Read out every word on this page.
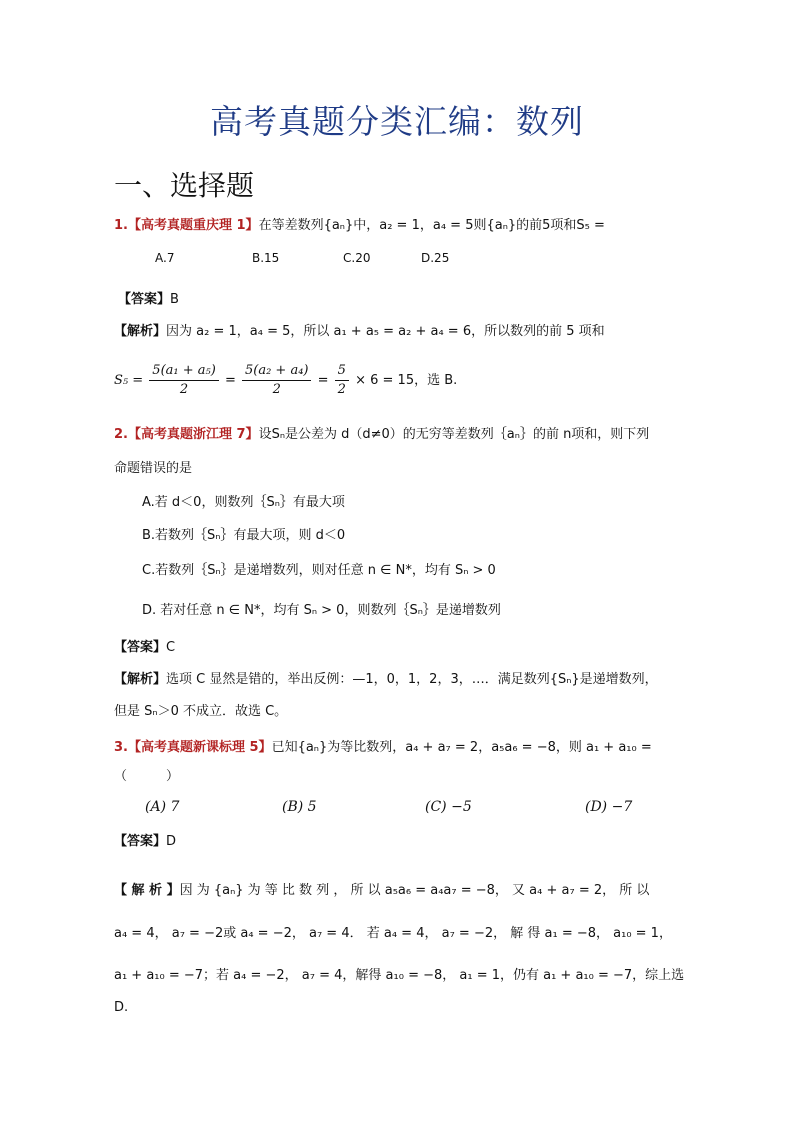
高考真题分类汇编：数列
一、选择题
1.【高考真题重庆理 1】在等差数列{aₙ}中，a₂ = 1，a₄ = 5则{aₙ}的前5项和S₅ =
A.7	B.15	C.20	D.25
【答案】B
【解析】因为 a₂ = 1，a₄ = 5，所以 a₁ + a₅ = a₂ + a₄ = 6，所以数列的前 5 项和
$S_5 = \frac{\text{5(a₁ + a₅)}}{2} = \frac{\text{5(a₂ + a₄)}}{2} = \frac{5}{2} \times 6 = 15$，选 B.
2.【高考真题浙江理 7】设Sₙ是公差为 d（d≠0）的无穷等差数列｛aₙ｝的前 n项和，则下列
命题错误的是
A.若 d＜0，则数列｛Sₙ｝有最大项
B.若数列｛Sₙ｝有最大项，则 d＜0
C.若数列｛Sₙ｝是递增数列，则对任意 n ∈ N*，均有 Sₙ > 0
D. 若对任意 n ∈ N*，均有 Sₙ > 0，则数列｛Sₙ｝是递增数列
【答案】C
【解析】选项 C 显然是错的，举出反例：—1，0，1，2，3，…．满足数列{Sₙ}是递增数列，
但是 Sₙ＞0 不成立．故选 C。
3.【高考真题新课标理 5】已知{aₙ}为等比数列，a₄ + a₇ = 2，a₅a₆ = −8，则 a₁ + a₁₀ =
（　　　）
(A) 7	(B) 5	(C) −5	(D) −7
【答案】D
【 解 析 】因 为 {aₙ} 为 等 比 数 列 ， 所 以 a₅a₆ = a₄a₇ = −8， 又 a₄ + a₇ = 2， 所 以
a₄ = 4， a₇ = −2或 a₄ = −2， a₇ = 4． 若 a₄ = 4， a₇ = −2， 解 得 a₁ = −8， a₁₀ = 1，
a₁ + a₁₀ = −7；若 a₄ = −2， a₇ = 4，解得 a₁₀ = −8， a₁ = 1，仍有 a₁ + a₁₀ = −7，综上选
D.
